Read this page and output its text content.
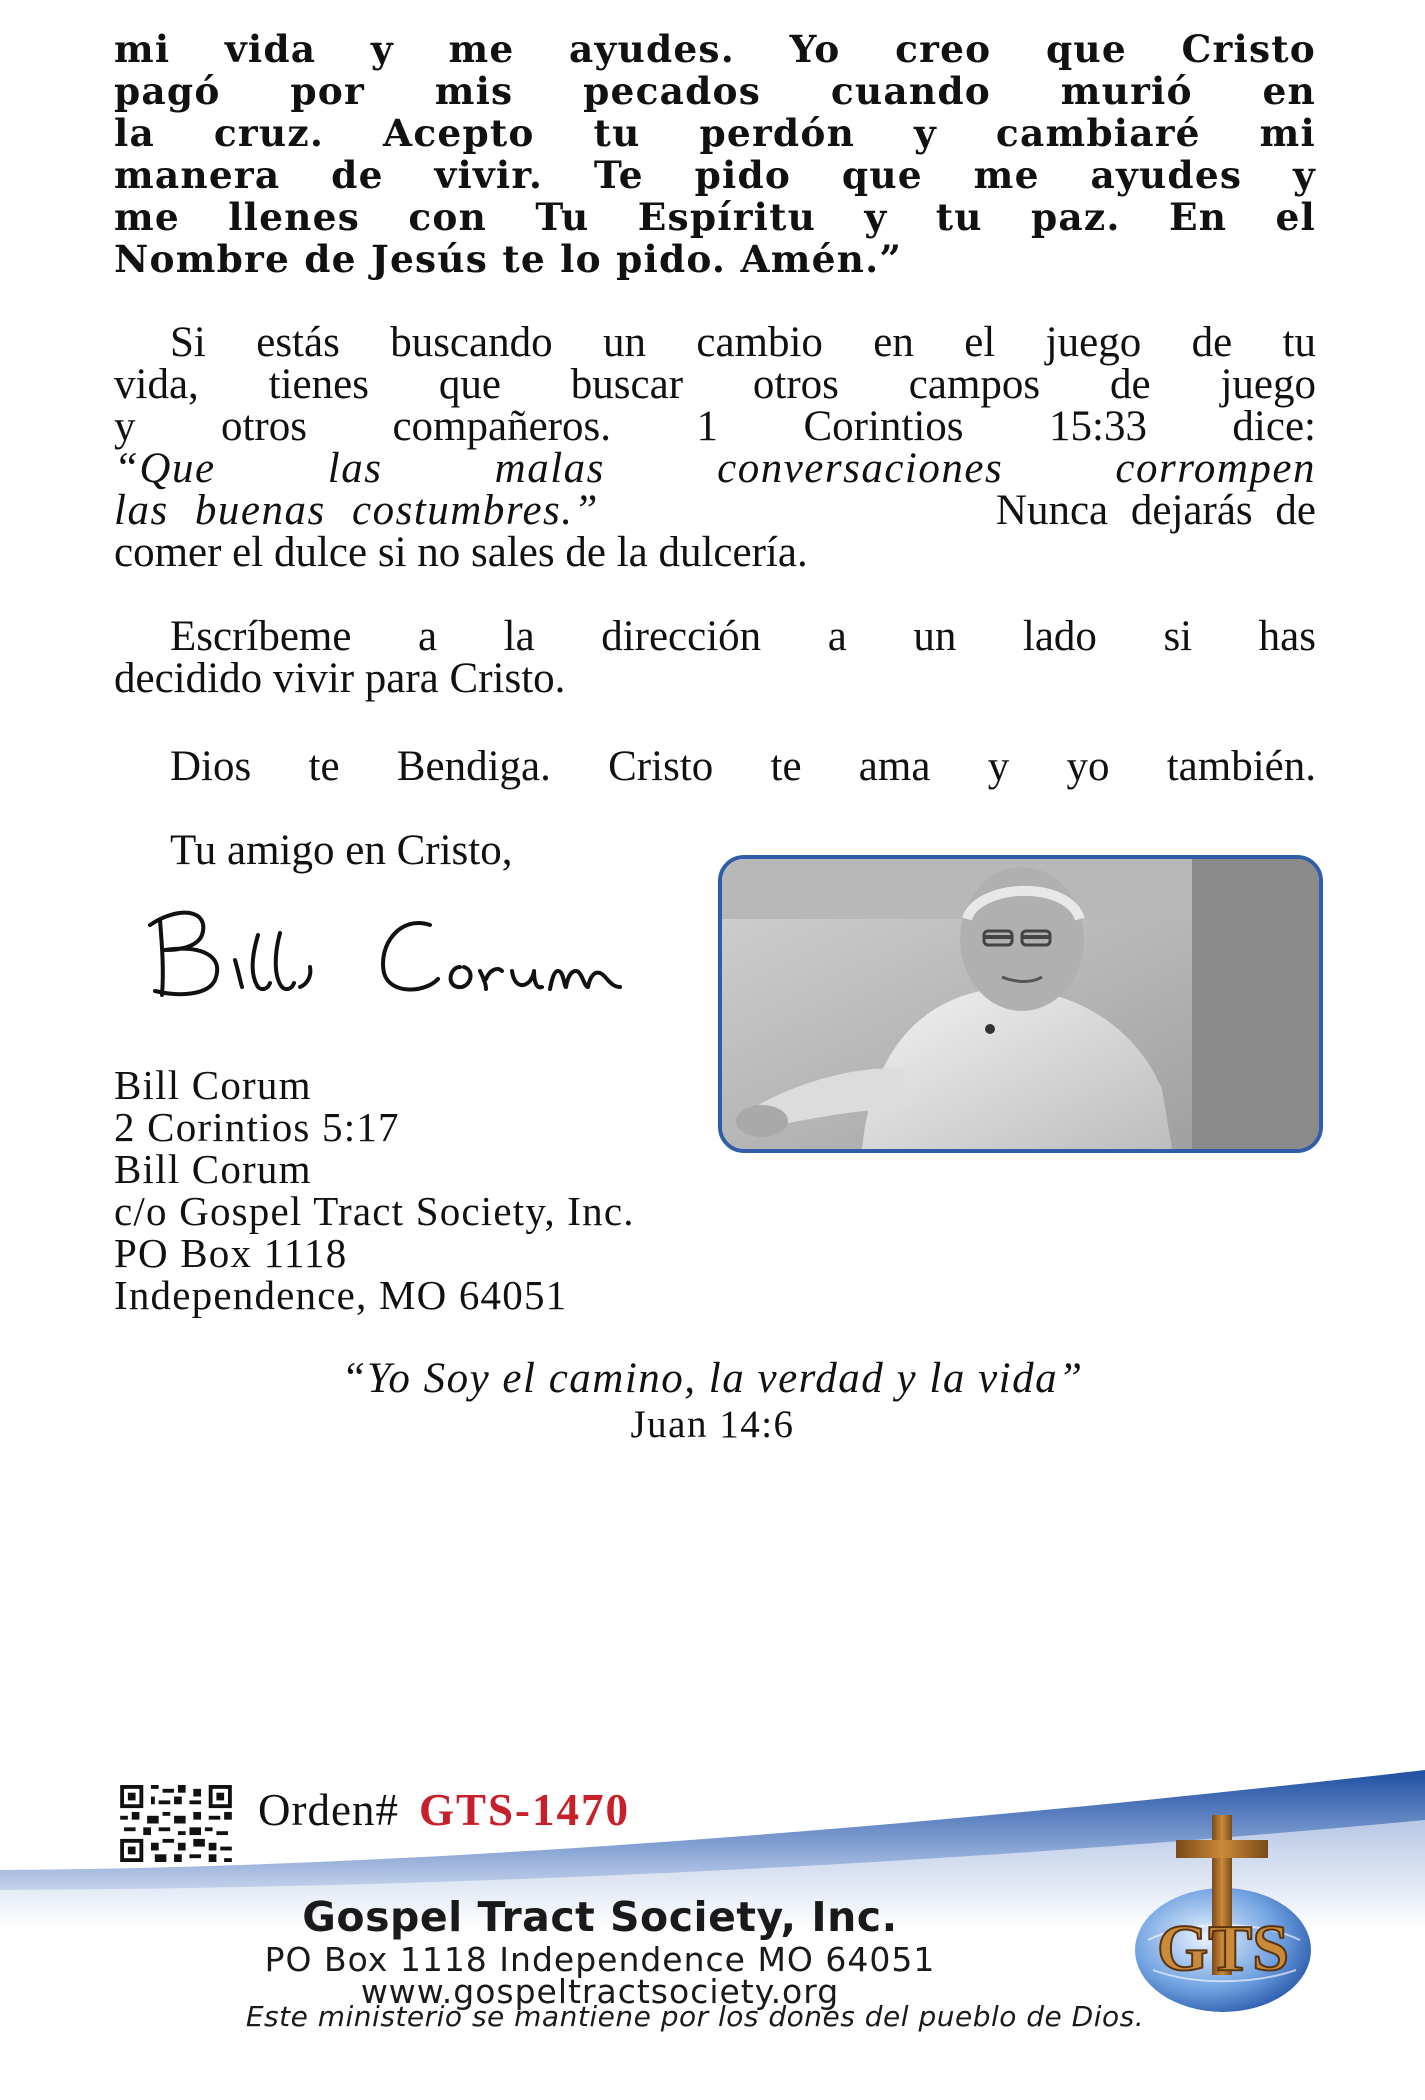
mi vida y me ayudes. Yo creo que Cristo
pagó por mis pecados cuando murió en
la cruz. Acepto tu perdón y cambiaré mi
manera de vivir. Te pido que me ayudes y
me llenes con Tu Espíritu y tu paz. En el
Nombre de Jesús te lo pido. Amén.”
Si estás buscando un cambio en el juego de tu
vida, tienes que buscar otros campos de juego
y otros compañeros. 1 Corintios 15:33 dice:
“Que las malas conversaciones corrompen
las buenas costumbres.”	Nunca dejarás de
comer el dulce si no sales de la dulcería.
Escríbeme a la dirección a un lado si has
decidido vivir para Cristo.
Dios te Bendiga. Cristo te ama y yo también.
Tu amigo en Cristo,
Bill Corum
2 Corintios 5:17
Bill Corum
c/o Gospel Tract Society, Inc.
PO Box 1118
Independence, MO 64051
“Yo Soy el camino, la verdad y la vida”
Juan 14:6
Orden# GTS-1470
GTS
Gospel Tract Society, Inc.
PO Box 1118 Independence MO 64051
www.gospeltractsociety.org
Este ministerio se mantiene por los dones del pueblo de Dios.
